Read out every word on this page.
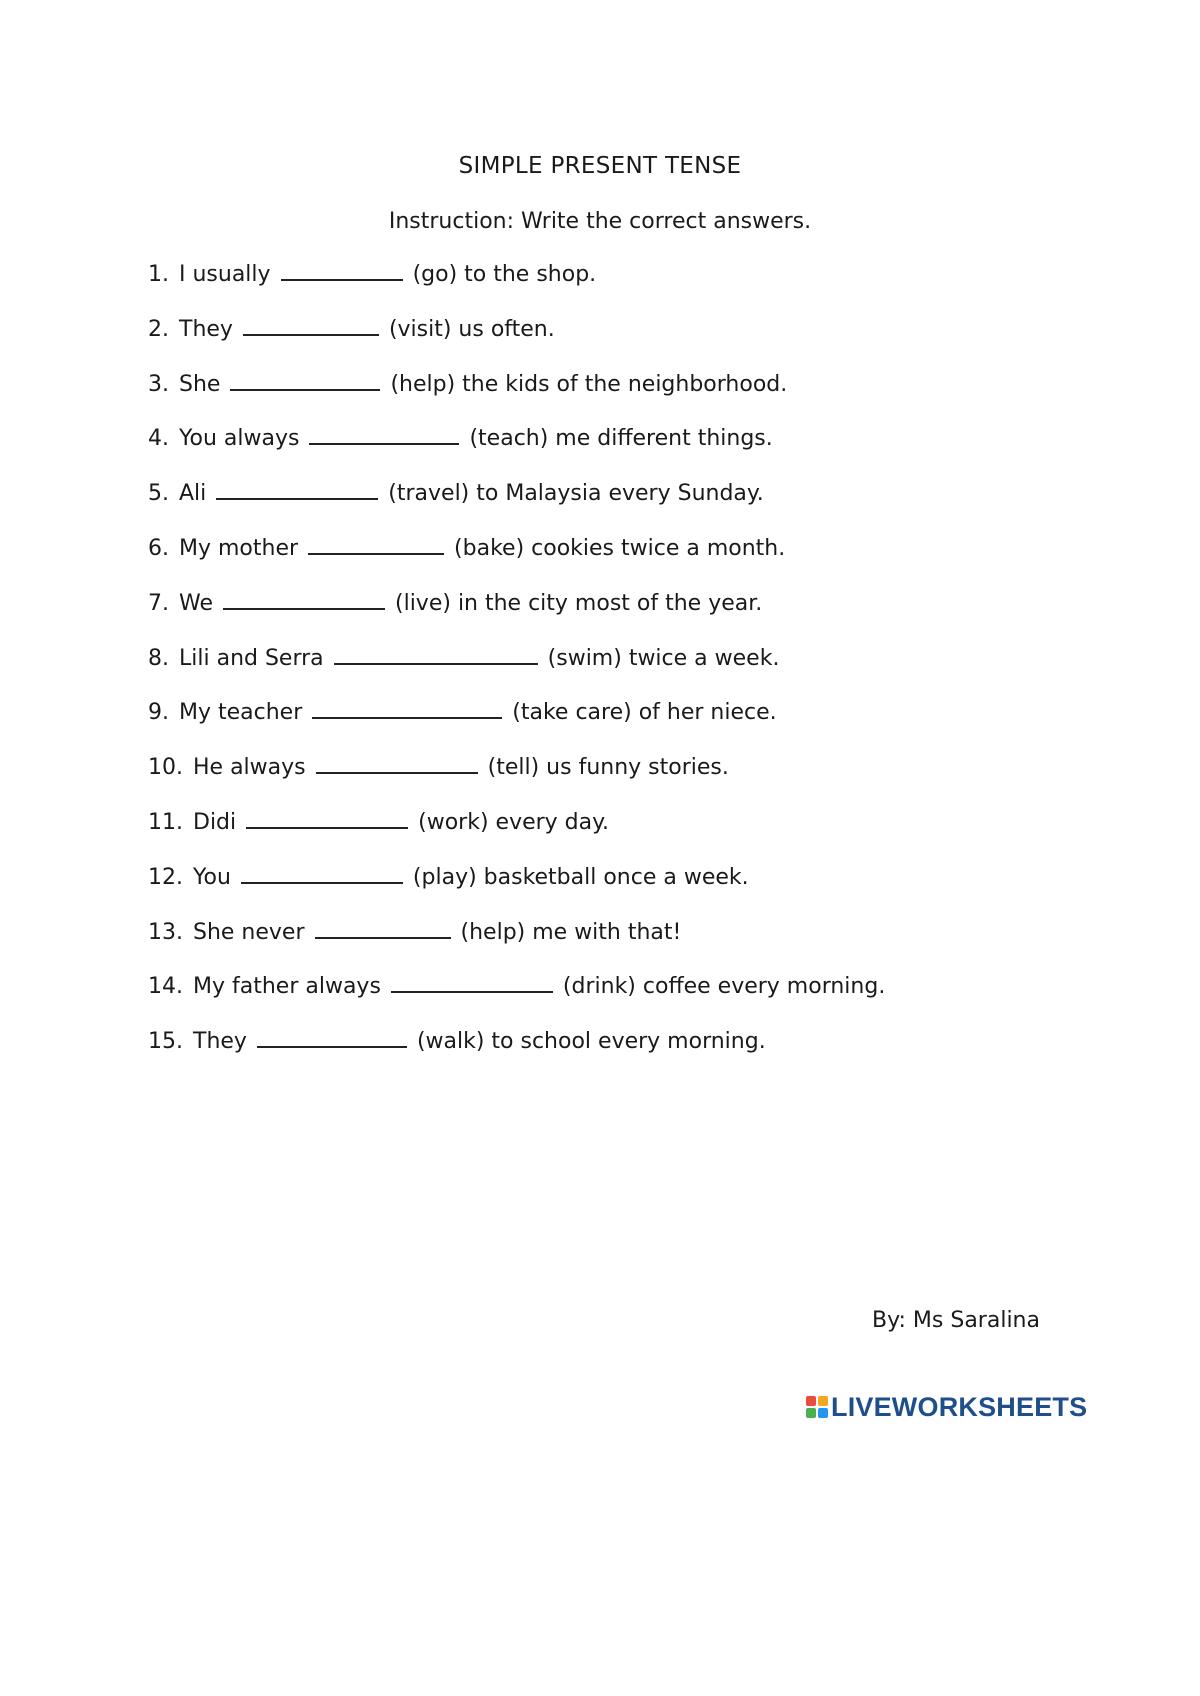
SIMPLE PRESENT TENSE
Instruction: Write the correct answers.
1. I usually	(go) to the shop.
2. They	(visit) us often.
3. She	(help) the kids of the neighborhood.
4. You always	(teach) me different things.
5. Ali	(travel) to Malaysia every Sunday.
6. My mother	(bake) cookies twice a month.
7. We	(live) in the city most of the year.
8. Lili and Serra	(swim) twice a week.
9. My teacher	(take care) of her niece.
10. He always	(tell) us funny stories.
11. Didi	(work) every day.
12. You	(play) basketball once a week.
13. She never	(help) me with that!
14. My father always	(drink) coffee every morning.
15. They	(walk) to school every morning.
By: Ms Saralina
LIVEWORKSHEETS
